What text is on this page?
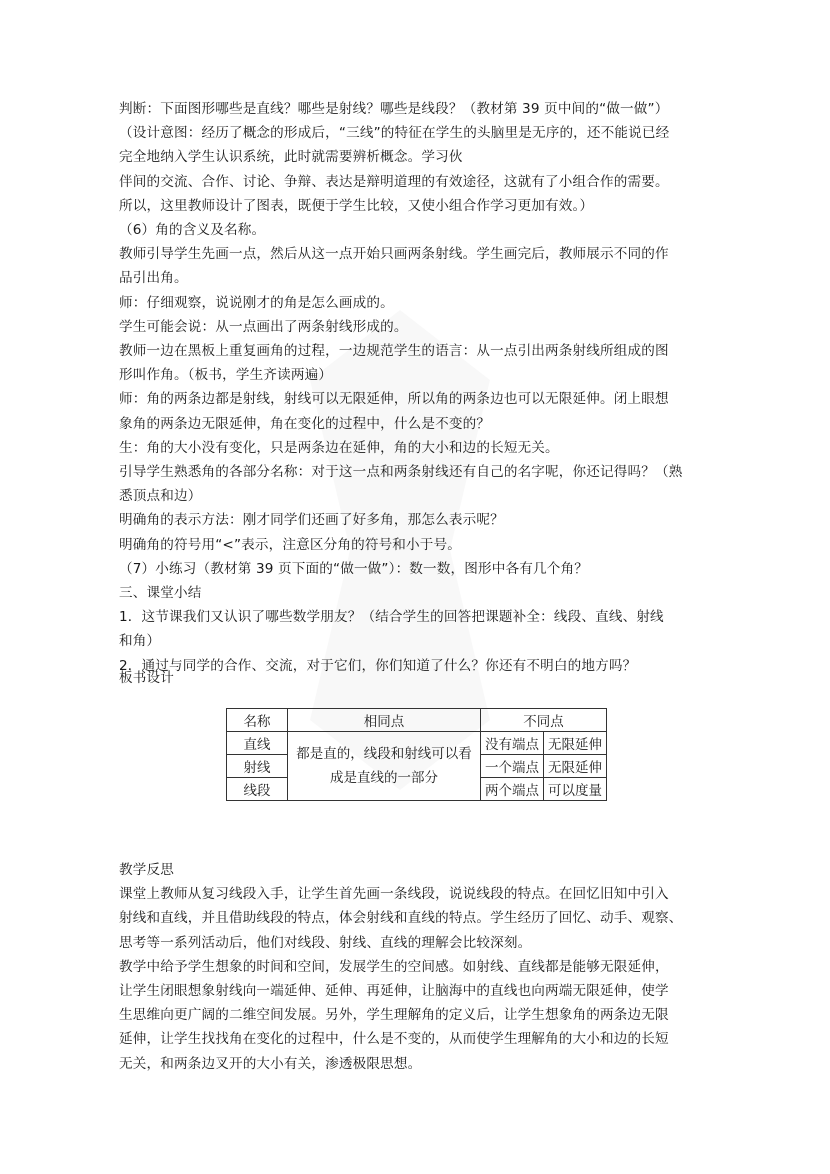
判断：下面图形哪些是直线？哪些是射线？哪些是线段？（教材第 39 页中间的“做一做”）

（设计意图：经历了概念的形成后，“三线”的特征在学生的头脑里是无序的，还不能说已经

完全地纳入学生认识系统，此时就需要辨析概念。学习伙

伴间的交流、合作、讨论、争辩、表达是辩明道理的有效途径，这就有了小组合作的需要。

所以，这里教师设计了图表，既便于学生比较，又使小组合作学习更加有效。）

（6）角的含义及名称。

教师引导学生先画一点，然后从这一点开始只画两条射线。学生画完后，教师展示不同的作

品引出角。

师：仔细观察，说说刚才的角是怎么画成的。

学生可能会说：从一点画出了两条射线形成的。

教师一边在黑板上重复画角的过程，一边规范学生的语言：从一点引出两条射线所组成的图

形叫作角。（板书，学生齐读两遍）

师：角的两条边都是射线，射线可以无限延伸，所以角的两条边也可以无限延伸。闭上眼想

象角的两条边无限延伸，角在变化的过程中，什么是不变的？

生：角的大小没有变化，只是两条边在延伸，角的大小和边的长短无关。

引导学生熟悉角的各部分名称：对于这一点和两条射线还有自己的名字呢，你还记得吗？（熟

悉顶点和边）

明确角的表示方法：刚才同学们还画了好多角，那怎么表示呢？

明确角的符号用“<”表示，注意区分角的符号和小于号。

（7）小练习（教材第 39 页下面的“做一做”）：数一数，图形中各有几个角？

三、课堂小结

1．这节课我们又认识了哪些数学朋友？（结合学生的回答把课题补全：线段、直线、射线

和角）

2．通过与同学的合作、交流，对于它们，你们知道了什么？你还有不明白的地方吗？

板书设计

名称	相同点	不同点	
直线	都是直的，线段和射线可以看成是直线的一部分	没有端点	无限延伸
射线		一个端点	无限延伸
线段		两个端点	可以度量

教学反思

课堂上教师从复习线段入手，让学生首先画一条线段，说说线段的特点。在回忆旧知中引入

射线和直线，并且借助线段的特点，体会射线和直线的特点。学生经历了回忆、动手、观察、

思考等一系列活动后，他们对线段、射线、直线的理解会比较深刻。

教学中给予学生想象的时间和空间，发展学生的空间感。如射线、直线都是能够无限延伸，

让学生闭眼想象射线向一端延伸、延伸、再延伸，让脑海中的直线也向两端无限延伸，使学

生思维向更广阔的二维空间发展。另外，学生理解角的定义后，让学生想象角的两条边无限

延伸，让学生找找角在变化的过程中，什么是不变的，从而使学生理解角的大小和边的长短

无关，和两条边叉开的大小有关，渗透极限思想。
